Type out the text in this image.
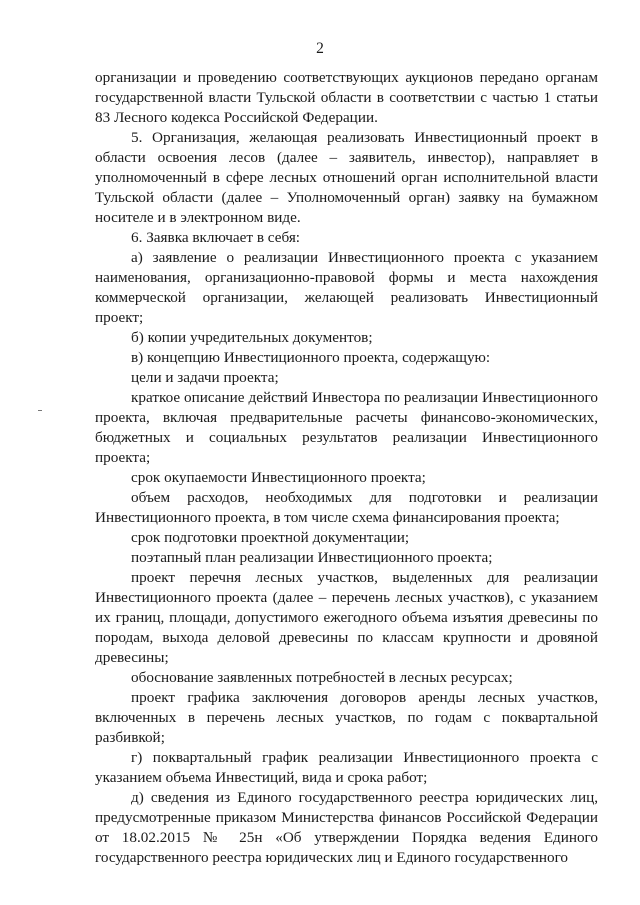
2

организации и проведению соответствующих аукционов передано органам государственной власти Тульской области в соответствии с частью 1 статьи 83 Лесного кодекса Российской Федерации.

5. Организация, желающая реализовать Инвестиционный проект в области освоения лесов (далее – заявитель, инвестор), направляет в уполномоченный в сфере лесных отношений орган исполнительной власти Тульской области (далее – Уполномоченный орган) заявку на бумажном носителе и в электронном виде.

6. Заявка включает в себя:

а) заявление о реализации Инвестиционного проекта с указанием наименования, организационно-правовой формы и места нахождения коммерческой организации, желающей реализовать Инвестиционный проект;

б) копии учредительных документов;

в) концепцию Инвестиционного проекта, содержащую:

цели и задачи проекта;

краткое описание действий Инвестора по реализации Инвестиционного проекта, включая предварительные расчеты финансово-экономических, бюджетных и социальных результатов реализации Инвестиционного проекта;

срок окупаемости Инвестиционного проекта;

объем расходов, необходимых для подготовки и реализации Инвестиционного проекта, в том числе схема финансирования проекта;

срок подготовки проектной документации;

поэтапный план реализации Инвестиционного проекта;

проект перечня лесных участков, выделенных для реализации Инвестиционного проекта (далее – перечень лесных участков), с указанием их границ, площади, допустимого ежегодного объема изъятия древесины по породам, выхода деловой древесины по классам крупности и дровяной древесины;

обоснование заявленных потребностей в лесных ресурсах;

проект графика заключения договоров аренды лесных участков, включенных в перечень лесных участков, по годам с поквартальной разбивкой;

г) поквартальный график реализации Инвестиционного проекта с указанием объема Инвестиций, вида и срока работ;

д) сведения из Единого государственного реестра юридических лиц, предусмотренные приказом Министерства финансов Российской Федерации от 18.02.2015 № 25н «Об утверждении Порядка ведения Единого государственного реестра юридических лиц и Единого государственного
